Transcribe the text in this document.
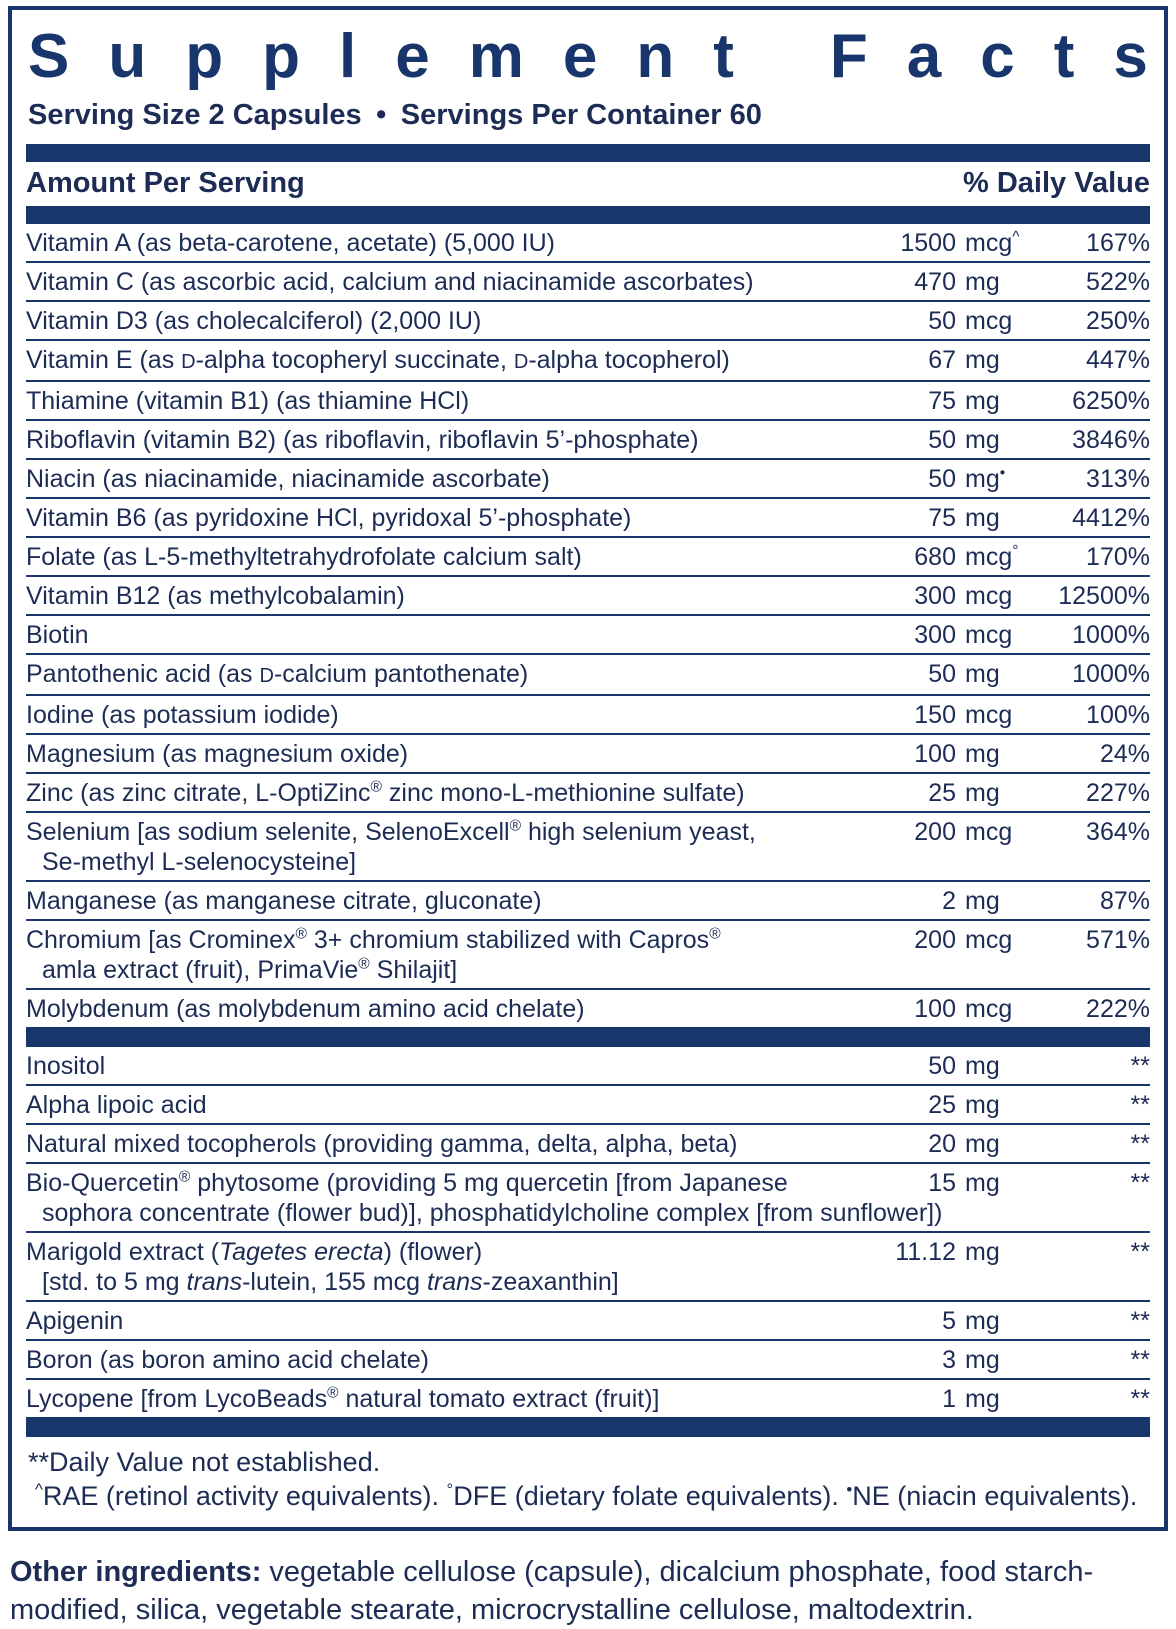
S u p p l e m e n t
F a c t s
Serving Size 2 Capsules • Servings Per Container 60
Amount Per Serving	% Daily Value
Vitamin A (as beta-carotene, acetate) (5,000 IU)	1500 mcg^	167%
Vitamin C (as ascorbic acid, calcium and niacinamide ascorbates)	470 mg	522%
Vitamin D3 (as cholecalciferol) (2,000 IU)	50 mcg	250%
Vitamin E (as D-alpha tocopheryl succinate, D-alpha tocopherol)	67 mg	447%
Thiamine (vitamin B1) (as thiamine HCl)	75 mg	6250%
Riboflavin (vitamin B2) (as riboflavin, riboflavin 5’-phosphate)	50 mg	3846%
Niacin (as niacinamide, niacinamide ascorbate)	50 mg•	313%
Vitamin B6 (as pyridoxine HCl, pyridoxal 5’-phosphate)	75 mg	4412%
Folate (as L-5-methyltetrahydrofolate calcium salt)	680 mcg°	170%
Vitamin B12 (as methylcobalamin)	300 mcg	12500%
Biotin	300 mcg	1000%
Pantothenic acid (as D-calcium pantothenate)	50 mg	1000%
Iodine (as potassium iodide)	150 mcg	100%
Magnesium (as magnesium oxide)	100 mg	24%
Zinc (as zinc citrate, L-OptiZinc® zinc mono-L-methionine sulfate)	25 mg	227%
Selenium [as sodium selenite, SelenoExcell® high selenium yeast,
Se-methyl L-selenocysteine]
200 mcg	364%
Manganese (as manganese citrate, gluconate)	2 mg	87%
Chromium [as Crominex® 3+ chromium stabilized with Capros®
amla extract (fruit), PrimaVie® Shilajit]
200 mcg	571%
Molybdenum (as molybdenum amino acid chelate)	100 mcg	222%
Inositol	50 mg	**
Alpha lipoic acid	25 mg	**
Natural mixed tocopherols (providing gamma, delta, alpha, beta)	20 mg	**
Bio-Quercetin® phytosome (providing 5 mg quercetin [from Japanese
sophora concentrate (flower bud)], phosphatidylcholine complex [from sunflower])
15 mg	**
Marigold extract (Tagetes erecta) (flower)
[std. to 5 mg trans-lutein, 155 mcg trans-zeaxanthin]
11.12 mg	**
Apigenin	5 mg	**
Boron (as boron amino acid chelate)	3 mg	**
Lycopene [from LycoBeads® natural tomato extract (fruit)]	1 mg	**
**Daily Value not established.
^RAE (retinol activity equivalents). °DFE (dietary folate equivalents). •NE (niacin equivalents).
Other ingredients: vegetable cellulose (capsule), dicalcium phosphate, food starch-modified, silica, vegetable stearate, microcrystalline cellulose, maltodextrin.
